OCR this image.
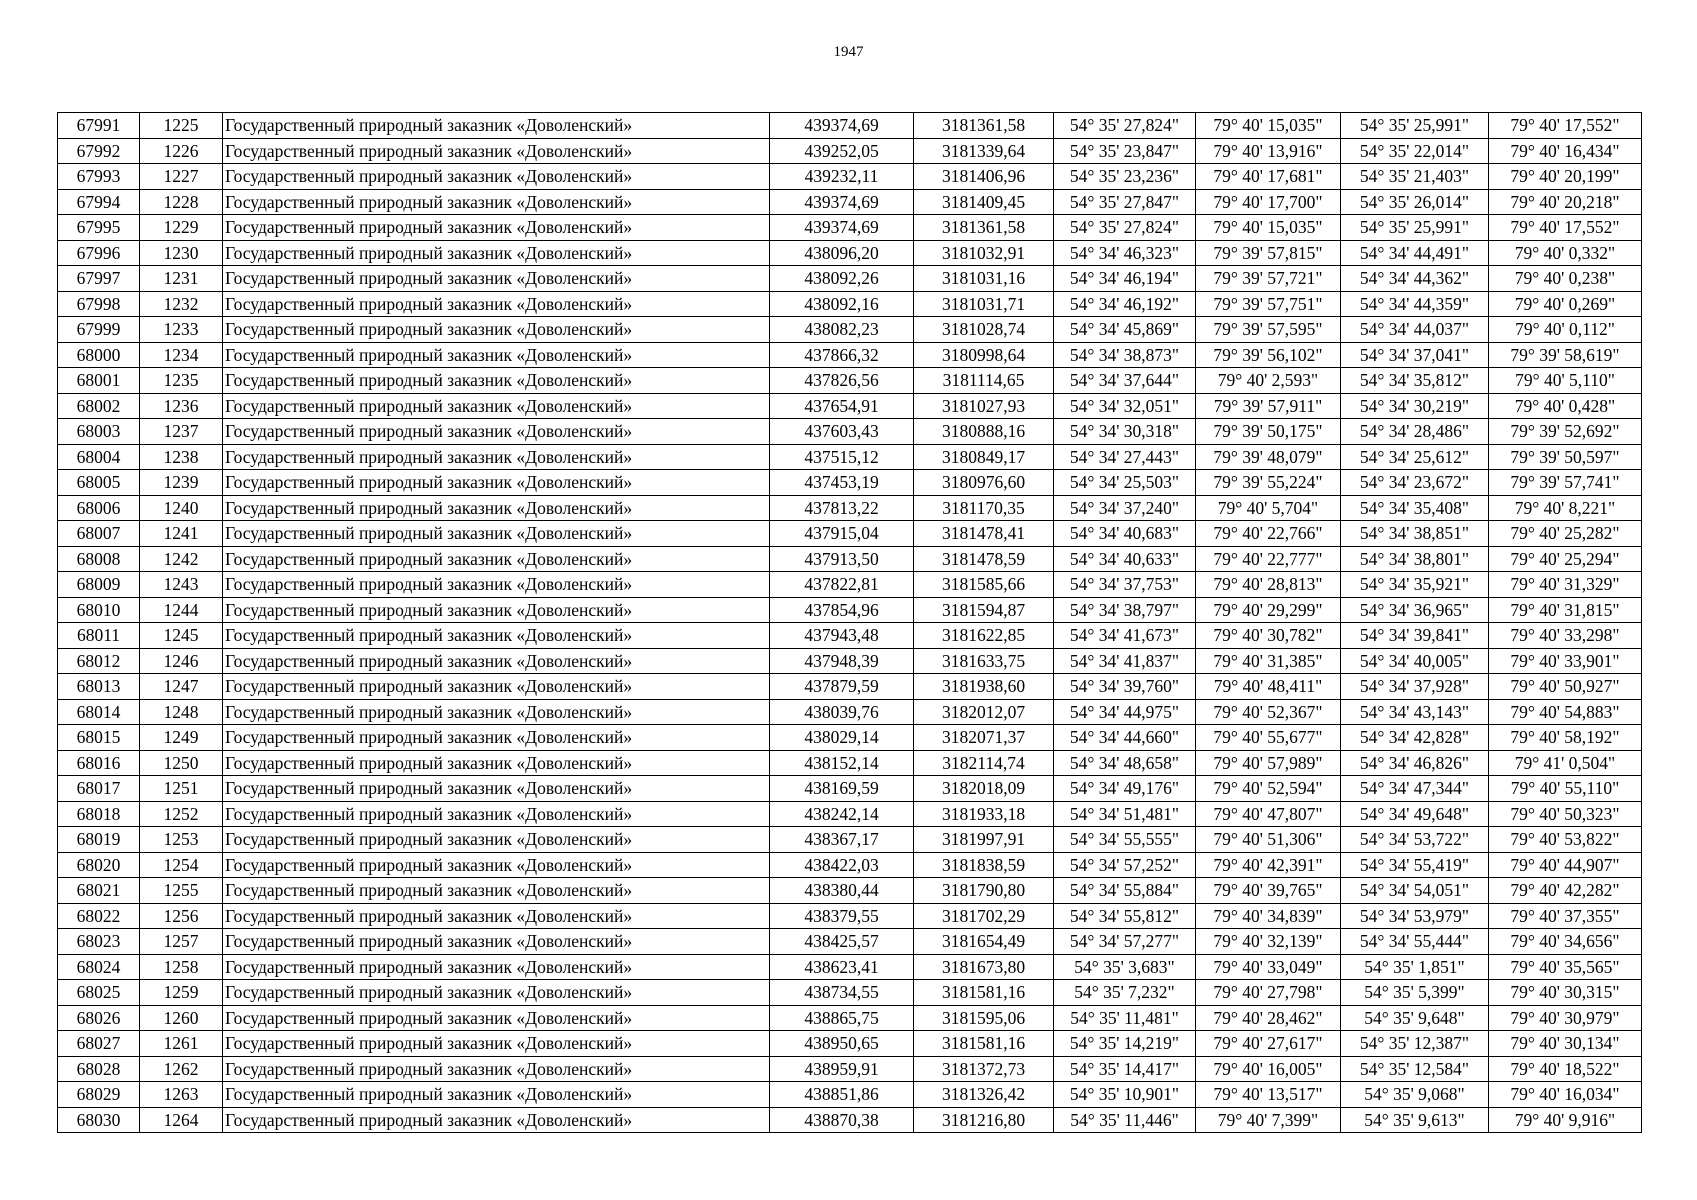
1947
67991	1225	Государственный природный заказник «Доволенский»	439374,69	3181361,58	54° 35' 27,824"	79° 40' 15,035"	54° 35' 25,991"	79° 40' 17,552"
67992	1226	Государственный природный заказник «Доволенский»	439252,05	3181339,64	54° 35' 23,847"	79° 40' 13,916"	54° 35' 22,014"	79° 40' 16,434"
67993	1227	Государственный природный заказник «Доволенский»	439232,11	3181406,96	54° 35' 23,236"	79° 40' 17,681"	54° 35' 21,403"	79° 40' 20,199"
67994	1228	Государственный природный заказник «Доволенский»	439374,69	3181409,45	54° 35' 27,847"	79° 40' 17,700"	54° 35' 26,014"	79° 40' 20,218"
67995	1229	Государственный природный заказник «Доволенский»	439374,69	3181361,58	54° 35' 27,824"	79° 40' 15,035"	54° 35' 25,991"	79° 40' 17,552"
67996	1230	Государственный природный заказник «Доволенский»	438096,20	3181032,91	54° 34' 46,323"	79° 39' 57,815"	54° 34' 44,491"	79° 40' 0,332"
67997	1231	Государственный природный заказник «Доволенский»	438092,26	3181031,16	54° 34' 46,194"	79° 39' 57,721"	54° 34' 44,362"	79° 40' 0,238"
67998	1232	Государственный природный заказник «Доволенский»	438092,16	3181031,71	54° 34' 46,192"	79° 39' 57,751"	54° 34' 44,359"	79° 40' 0,269"
67999	1233	Государственный природный заказник «Доволенский»	438082,23	3181028,74	54° 34' 45,869"	79° 39' 57,595"	54° 34' 44,037"	79° 40' 0,112"
68000	1234	Государственный природный заказник «Доволенский»	437866,32	3180998,64	54° 34' 38,873"	79° 39' 56,102"	54° 34' 37,041"	79° 39' 58,619"
68001	1235	Государственный природный заказник «Доволенский»	437826,56	3181114,65	54° 34' 37,644"	79° 40' 2,593"	54° 34' 35,812"	79° 40' 5,110"
68002	1236	Государственный природный заказник «Доволенский»	437654,91	3181027,93	54° 34' 32,051"	79° 39' 57,911"	54° 34' 30,219"	79° 40' 0,428"
68003	1237	Государственный природный заказник «Доволенский»	437603,43	3180888,16	54° 34' 30,318"	79° 39' 50,175"	54° 34' 28,486"	79° 39' 52,692"
68004	1238	Государственный природный заказник «Доволенский»	437515,12	3180849,17	54° 34' 27,443"	79° 39' 48,079"	54° 34' 25,612"	79° 39' 50,597"
68005	1239	Государственный природный заказник «Доволенский»	437453,19	3180976,60	54° 34' 25,503"	79° 39' 55,224"	54° 34' 23,672"	79° 39' 57,741"
68006	1240	Государственный природный заказник «Доволенский»	437813,22	3181170,35	54° 34' 37,240"	79° 40' 5,704"	54° 34' 35,408"	79° 40' 8,221"
68007	1241	Государственный природный заказник «Доволенский»	437915,04	3181478,41	54° 34' 40,683"	79° 40' 22,766"	54° 34' 38,851"	79° 40' 25,282"
68008	1242	Государственный природный заказник «Доволенский»	437913,50	3181478,59	54° 34' 40,633"	79° 40' 22,777"	54° 34' 38,801"	79° 40' 25,294"
68009	1243	Государственный природный заказник «Доволенский»	437822,81	3181585,66	54° 34' 37,753"	79° 40' 28,813"	54° 34' 35,921"	79° 40' 31,329"
68010	1244	Государственный природный заказник «Доволенский»	437854,96	3181594,87	54° 34' 38,797"	79° 40' 29,299"	54° 34' 36,965"	79° 40' 31,815"
68011	1245	Государственный природный заказник «Доволенский»	437943,48	3181622,85	54° 34' 41,673"	79° 40' 30,782"	54° 34' 39,841"	79° 40' 33,298"
68012	1246	Государственный природный заказник «Доволенский»	437948,39	3181633,75	54° 34' 41,837"	79° 40' 31,385"	54° 34' 40,005"	79° 40' 33,901"
68013	1247	Государственный природный заказник «Доволенский»	437879,59	3181938,60	54° 34' 39,760"	79° 40' 48,411"	54° 34' 37,928"	79° 40' 50,927"
68014	1248	Государственный природный заказник «Доволенский»	438039,76	3182012,07	54° 34' 44,975"	79° 40' 52,367"	54° 34' 43,143"	79° 40' 54,883"
68015	1249	Государственный природный заказник «Доволенский»	438029,14	3182071,37	54° 34' 44,660"	79° 40' 55,677"	54° 34' 42,828"	79° 40' 58,192"
68016	1250	Государственный природный заказник «Доволенский»	438152,14	3182114,74	54° 34' 48,658"	79° 40' 57,989"	54° 34' 46,826"	79° 41' 0,504"
68017	1251	Государственный природный заказник «Доволенский»	438169,59	3182018,09	54° 34' 49,176"	79° 40' 52,594"	54° 34' 47,344"	79° 40' 55,110"
68018	1252	Государственный природный заказник «Доволенский»	438242,14	3181933,18	54° 34' 51,481"	79° 40' 47,807"	54° 34' 49,648"	79° 40' 50,323"
68019	1253	Государственный природный заказник «Доволенский»	438367,17	3181997,91	54° 34' 55,555"	79° 40' 51,306"	54° 34' 53,722"	79° 40' 53,822"
68020	1254	Государственный природный заказник «Доволенский»	438422,03	3181838,59	54° 34' 57,252"	79° 40' 42,391"	54° 34' 55,419"	79° 40' 44,907"
68021	1255	Государственный природный заказник «Доволенский»	438380,44	3181790,80	54° 34' 55,884"	79° 40' 39,765"	54° 34' 54,051"	79° 40' 42,282"
68022	1256	Государственный природный заказник «Доволенский»	438379,55	3181702,29	54° 34' 55,812"	79° 40' 34,839"	54° 34' 53,979"	79° 40' 37,355"
68023	1257	Государственный природный заказник «Доволенский»	438425,57	3181654,49	54° 34' 57,277"	79° 40' 32,139"	54° 34' 55,444"	79° 40' 34,656"
68024	1258	Государственный природный заказник «Доволенский»	438623,41	3181673,80	54° 35' 3,683"	79° 40' 33,049"	54° 35' 1,851"	79° 40' 35,565"
68025	1259	Государственный природный заказник «Доволенский»	438734,55	3181581,16	54° 35' 7,232"	79° 40' 27,798"	54° 35' 5,399"	79° 40' 30,315"
68026	1260	Государственный природный заказник «Доволенский»	438865,75	3181595,06	54° 35' 11,481"	79° 40' 28,462"	54° 35' 9,648"	79° 40' 30,979"
68027	1261	Государственный природный заказник «Доволенский»	438950,65	3181581,16	54° 35' 14,219"	79° 40' 27,617"	54° 35' 12,387"	79° 40' 30,134"
68028	1262	Государственный природный заказник «Доволенский»	438959,91	3181372,73	54° 35' 14,417"	79° 40' 16,005"	54° 35' 12,584"	79° 40' 18,522"
68029	1263	Государственный природный заказник «Доволенский»	438851,86	3181326,42	54° 35' 10,901"	79° 40' 13,517"	54° 35' 9,068"	79° 40' 16,034"
68030	1264	Государственный природный заказник «Доволенский»	438870,38	3181216,80	54° 35' 11,446"	79° 40' 7,399"	54° 35' 9,613"	79° 40' 9,916"
